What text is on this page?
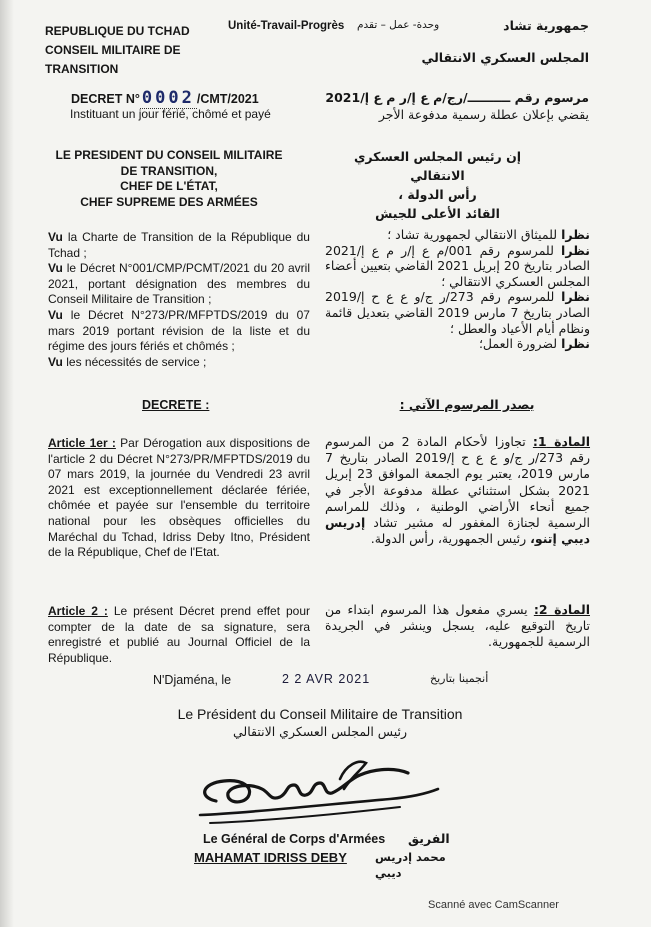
REPUBLIQUE DU TCHAD
CONSEIL MILITAIRE DE
TRANSITION
Unité-Travail-Progrès وحدة- عمل – تقدم	جمهورية تشاد
المجلس العسكري الانتقالي
DECRET N° 0002 /CMT/2021
Instituant un jour férié, chômé et payé
مرسوم رقم ــــــــــ/رج/م ع إ/ر م ع إ/2021
يقضي بإعلان عطلة رسمية مدفوعة الأجر
LE PRESIDENT DU CONSEIL MILITAIRE
DE TRANSITION,
CHEF DE L'ÉTAT,
CHEF SUPREME DES ARMÉES
إن رئيس المجلس العسكري الانتقالي
رأس الدولة ،
القائد الأعلى للجيش
Vu la Charte de Transition de la République du Tchad ;
Vu le Décret N°001/CMP/PCMT/2021 du 20 avril 2021, portant désignation des membres du Conseil Militaire de Transition ;
Vu le Décret N°273/PR/MFPTDS/2019 du 07 mars 2019 portant révision de la liste et du régime des jours fériés et chômés ;
Vu les nécessités de service ;
نظرا للميثاق الانتقالي لجمهورية تشاد ؛
نظرا للمرسوم رقم 001/م ع إ/ر م ع إ/2021 الصادر بتاريخ 20 إبريل 2021 القاضي بتعيين أعضاء المجلس العسكري الانتقالي ؛
نظرا للمرسوم رقم 273/ر ج/و ع ع ح إ/2019 الصادر بتاريخ 7 مارس 2019 القاضي بتعديل قائمة ونظام أيام الأعياد والعطل ؛
نظرا لضرورة العمل؛
DECRETE :	يصدر المرسوم الآتي :
Article 1er : Par Dérogation aux dispositions de l'article 2 du Décret N°273/PR/MFPTDS/2019 du 07 mars 2019, la journée du Vendredi 23 avril 2021 est exceptionnellement déclarée fériée, chômée et payée sur l'ensemble du territoire national pour les obsèques officielles du Maréchal du Tchad, Idriss Deby Itno, Président de la République, Chef de l'Etat.
المادة 1: تجاوزا لأحكام المادة 2 من المرسوم رقم 273/ر ج/و ع ع ح إ/2019 الصادر بتاريخ 7 مارس 2019، يعتبر يوم الجمعة الموافق 23 إبريل 2021 بشكل استثنائي عطلة مدفوعة الأجر في جميع أنحاء الأراضي الوطنية ، وذلك للمراسم الرسمية لجنازة المغفور له مشير تشاد إدريس ديبي إتنو، رئيس الجمهورية، رأس الدولة.
Article 2 : Le présent Décret prend effet pour compter de la date de sa signature, sera enregistré et publié au Journal Officiel de la République.
المادة 2: يسري مفعول هذا المرسوم ابتداء من تاريخ التوقيع عليه، يسجل وينشر في الجريدة الرسمية للجمهورية.
N'Djaména, le	2 2 AVR 2021	أنجمينا بتاريخ
Le Président du Conseil Militaire de Transition
رئيس المجلس العسكري الانتقالي
Le Général de Corps d'Armées الفريق
MAHAMAT IDRISS DEBY محمد إدريس ديبي
Scanné avec CamScanner
